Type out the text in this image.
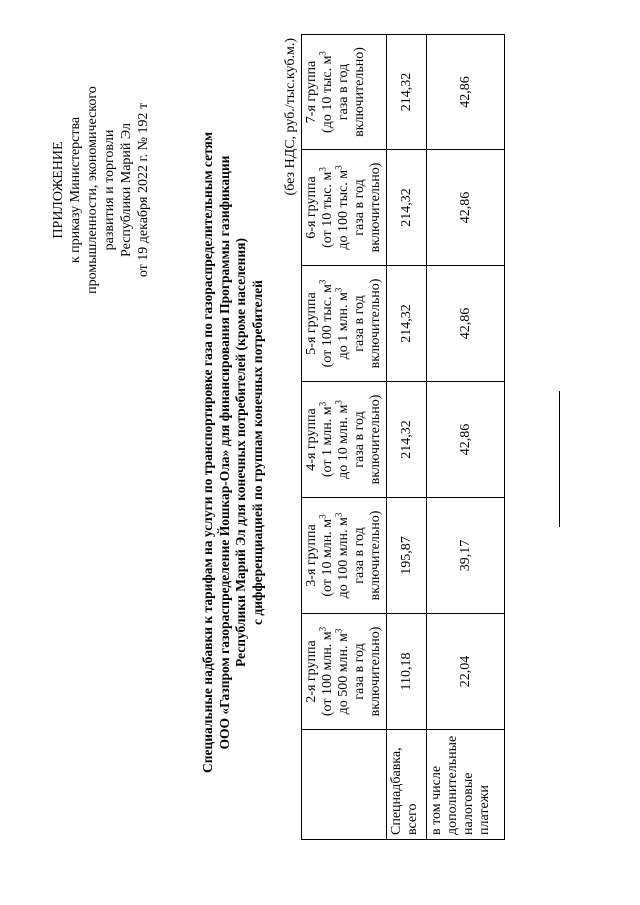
ПРИЛОЖЕНИЕ к приказу Министерства промышленности, экономического развития и торговли Республики Марий Эл от 19 декабря 2022 г. № 192 т	Специальные надбавки к тарифам на услуги по транспортировке газа по газораспределительным сетям ООО «Газпром газораспределение Йошкар-Ола» для финансирования Программы газификации Республики Марий Эл для конечных потребителей (кроме населения) с дифференциацией по группам конечных потребителей
(без НДС, руб./тыс.куб.м.)
	2-я группа
(от 100 млн. $м^3$
до 500 млн. $м^3$
газа в год
включительно)	3-я группа
(от 10 млн. $м^3$
до 100 млн. $м^3$
газа в год
включительно)	4-я группа
(от 1 млн. $м^3$
до 10 млн. $м^3$
газа в год
включительно)	5-я группа
(от 100 тыс. $м^3$
до 1 млн. $м^3$
газа в год
включительно)	6-я группа
(от 10 тыс. $м^3$
до 100 тыс. $м^3$
газа в год
включительно)	7-я группа
(до 10 тыс. $м^3$
газа в год
включительно)
Спецнадбавка, всего	110,18	195,87	214,32	214,32	214,32	214,32
в том числе дополнительные налоговые платежи	22,04	39,17	42,86	42,86	42,86	42,86
